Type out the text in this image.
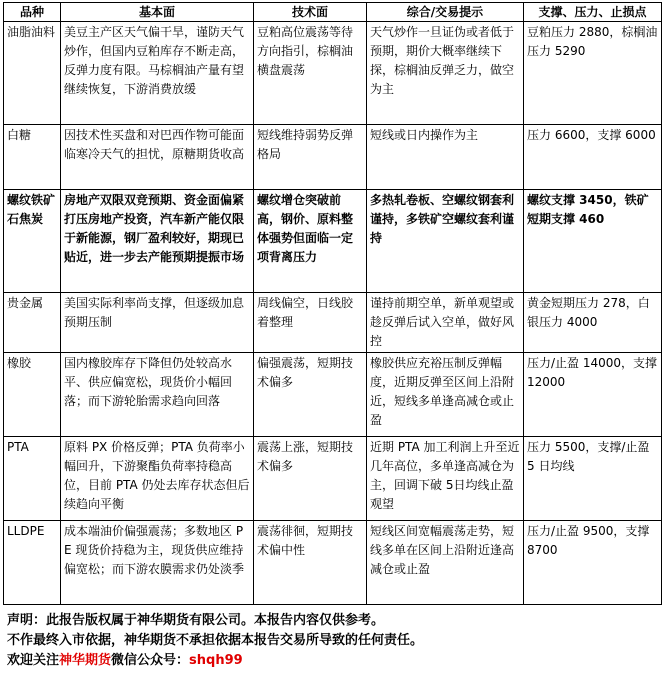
品种	基本面	技术面	综合/交易提示	支撑、压力、止损点
油脂油料	美豆主产区天气偏干旱，谨防天气炒作，但国内豆粕库存不断走高，反弹力度有限。马棕榈油产量有望继续恢复，下游消费放缓	豆粕高位震荡等待方向指引，棕榈油横盘震荡	天气炒作一旦证伪或者低于预期，期价大概率继续下探，棕榈油反弹乏力，做空为主	豆粕压力 2880，棕榈油压力 5290
白糖	因技术性买盘和对巴西作物可能面临寒冷天气的担忧，原糖期货收高	短线维持弱势反弹格局	短线或日内操作为主	压力 6600，支撑 6000
螺纹铁矿石焦炭	房地产双限双竞预期、资金面偏紧打压房地产投资，汽车新产能仅限于新能源，钢厂盈利较好，期现已贴近，进一步去产能预期提振市场	螺纹增仓突破前高，钢价、原料整体强势但面临一定项背离压力	多热轧卷板、空螺纹钢套利谨持，多铁矿空螺纹套利谨持	螺纹支撑 3450，铁矿短期支撑 460
贵金属	美国实际利率尚支撑，但逐级加息预期压制	周线偏空，日线胶着整理	谨持前期空单，新单观望或趁反弹后试入空单，做好风控	黄金短期压力 278，白银压力 4000
橡胶	国内橡胶库存下降但仍处较高水平、供应偏宽松，现货价小幅回落；而下游轮胎需求趋向回落	偏强震荡，短期技术偏多	橡胶供应充裕压制反弹幅度，近期反弹至区间上沿附近，短线多单逢高减仓或止盈	压力/止盈 14000，支撑 12000
PTA	原料 PX 价格反弹；PTA 负荷率小幅回升，下游聚酯负荷率持稳高位，目前 PTA 仍处去库存状态但后续趋向平衡	震荡上涨，短期技术偏多	近期 PTA 加工利润上升至近几年高位，多单逢高减仓为主，回调下破 5日均线止盈观望	压力 5500，支撑/止盈 5 日均线
LLDPE	成本端油价偏强震荡；多数地区 PE 现货价持稳为主，现货供应维持偏宽松；而下游农膜需求仍处淡季	震荡徘徊，短期技术偏中性	短线区间宽幅震荡走势，短线多单在区间上沿附近逢高减仓或止盈	压力/止盈 9500，支撑 8700
声明：此报告版权属于神华期货有限公司。本报告内容仅供参考。
不作最终入市依据，神华期货不承担依据本报告交易所导致的任何责任。
欢迎关注神华期货微信公众号：shqh99
